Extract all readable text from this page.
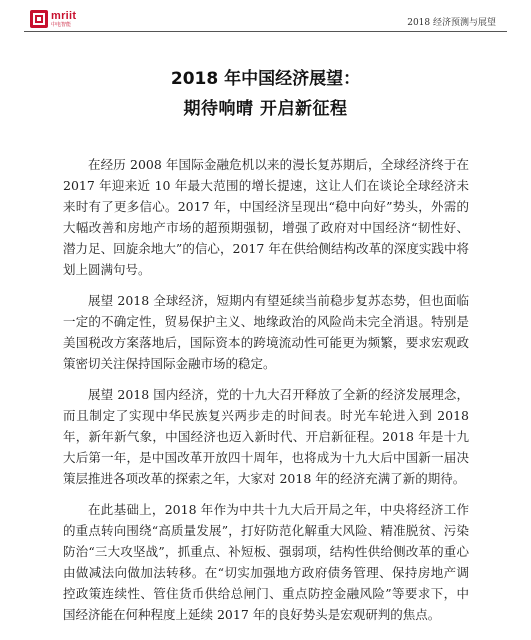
mriit
中电智能	2018 经济预测与展望
2018 年中国经济展望：
期待响晴 开启新征程

在经历 2008 年国际金融危机以来的漫长复苏期后，全球经济终于在 2017 年迎来近 10 年最大范围的增长提速，这让人们在谈论全球经济未来时有了更多信心。2017 年，中国经济呈现出“稳中向好”势头，外需的大幅改善和房地产市场的超预期强韧，增强了政府对中国经济“韧性好、潜力足、回旋余地大”的信心，2017 年在供给侧结构改革的深度实践中将划上圆满句号。

展望 2018 全球经济，短期内有望延续当前稳步复苏态势，但也面临一定的不确定性，贸易保护主义、地缘政治的风险尚未完全消退。特别是美国税改方案落地后，国际资本的跨境流动性可能更为频繁，要求宏观政策密切关注保持国际金融市场的稳定。

展望 2018 国内经济，党的十九大召开释放了全新的经济发展理念，而且制定了实现中华民族复兴两步走的时间表。时光车轮进入到 2018 年，新年新气象，中国经济也迈入新时代、开启新征程。2018 年是十九大后第一年，是中国改革开放四十周年，也将成为十九大后中国新一届决策层推进各项改革的探索之年，大家对 2018 年的经济充满了新的期待。

在此基础上，2018 年作为中共十九大后开局之年，中央将经济工作的重点转向围绕“高质量发展”，打好防范化解重大风险、精准脱贫、污染防治“三大攻坚战”，抓重点、补短板、强弱项，结构性供给侧改革的重心由做减法向做加法转移。在“切实加强地方政府债务管理、保持房地产调控政策连续性、管住货币供给总闸门、重点防控金融风险”等要求下，中国经济能在何种程度上延续 2017 年的良好势头是宏观研判的焦点。
